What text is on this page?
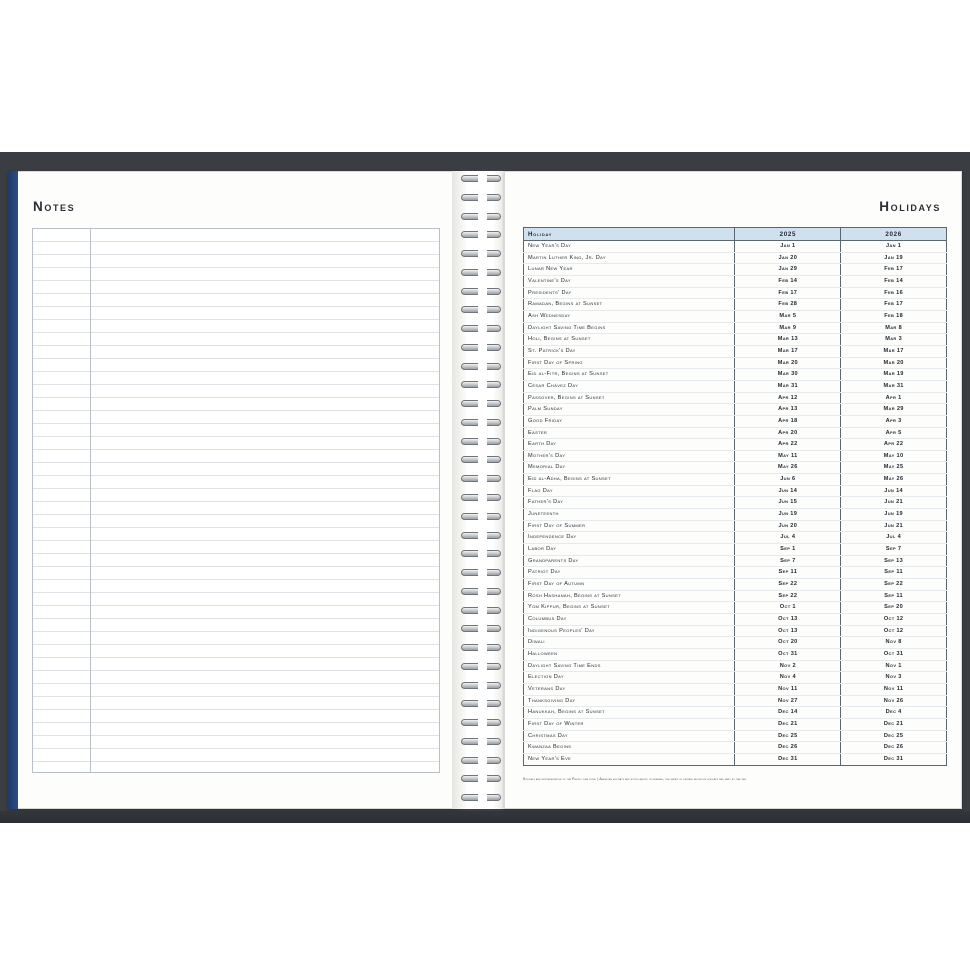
Notes	Holidays
Holiday	2025	2026
New Year's Day	Jan 1	Jan 1
Martin Luther King, Jr. Day	Jan 20	Jan 19
Lunar New Year	Jan 29	Feb 17
Valentine's Day	Feb 14	Feb 14
Presidents' Day	Feb 17	Feb 16
Ramadan, Begins at Sunset	Feb 28	Feb 17
Ash Wednesday	Mar 5	Feb 18
Daylight Saving Time Begins	Mar 9	Mar 8
Holi, Begins at Sunset	Mar 13	Mar 3
St. Patrick's Day	Mar 17	Mar 17
First Day of Spring	Mar 20	Mar 20
Eid al-Fitr, Begins at Sunset	Mar 30	Mar 19
César Chávez Day	Mar 31	Mar 31
Passover, Begins at Sunset	Apr 12	Apr 1
Palm Sunday	Apr 13	Mar 29
Good Friday	Apr 18	Apr 3
Easter	Apr 20	Apr 5
Earth Day	Apr 22	Apr 22
Mother's Day	May 11	May 10
Memorial Day	May 26	May 25
Eid al-Adha, Begins at Sunset	Jun 6	May 26
Flag Day	Jun 14	Jun 14
Father's Day	Jun 15	Jun 21
Juneteenth	Jun 19	Jun 19
First Day of Summer	Jun 20	Jun 21
Independence Day	Jul 4	Jul 4
Labor Day	Sep 1	Sep 7
Grandparents Day	Sep 7	Sep 13
Patriot Day	Sep 11	Sep 11
First Day of Autumn	Sep 22	Sep 22
Rosh Hashanah, Begins at Sunset	Sep 22	Sep 11
Yom Kippur, Begins at Sunset	Oct 1	Sep 20
Columbus Day	Oct 13	Oct 12
Indigenous Peoples' Day	Oct 13	Oct 12
Diwali	Oct 20	Nov 8
Halloween	Oct 31	Oct 31
Daylight Saving Time Ends	Nov 2	Nov 1
Election Day	Nov 4	Nov 3
Veterans Day	Nov 11	Nov 11
Thanksgiving Day	Nov 27	Nov 26
Hanukkah, Begins at Sunset	Dec 14	Dec 4
First Day of Winter	Dec 21	Dec 21
Christmas Day	Dec 25	Dec 25
Kwanzaa Begins	Dec 26	Dec 26
New Year's Eve	Dec 31	Dec 31
Holidays are representative of the Pacific time zone. | American holidays are noted above; in general, the dates of certain religious holidays may vary by one day.
